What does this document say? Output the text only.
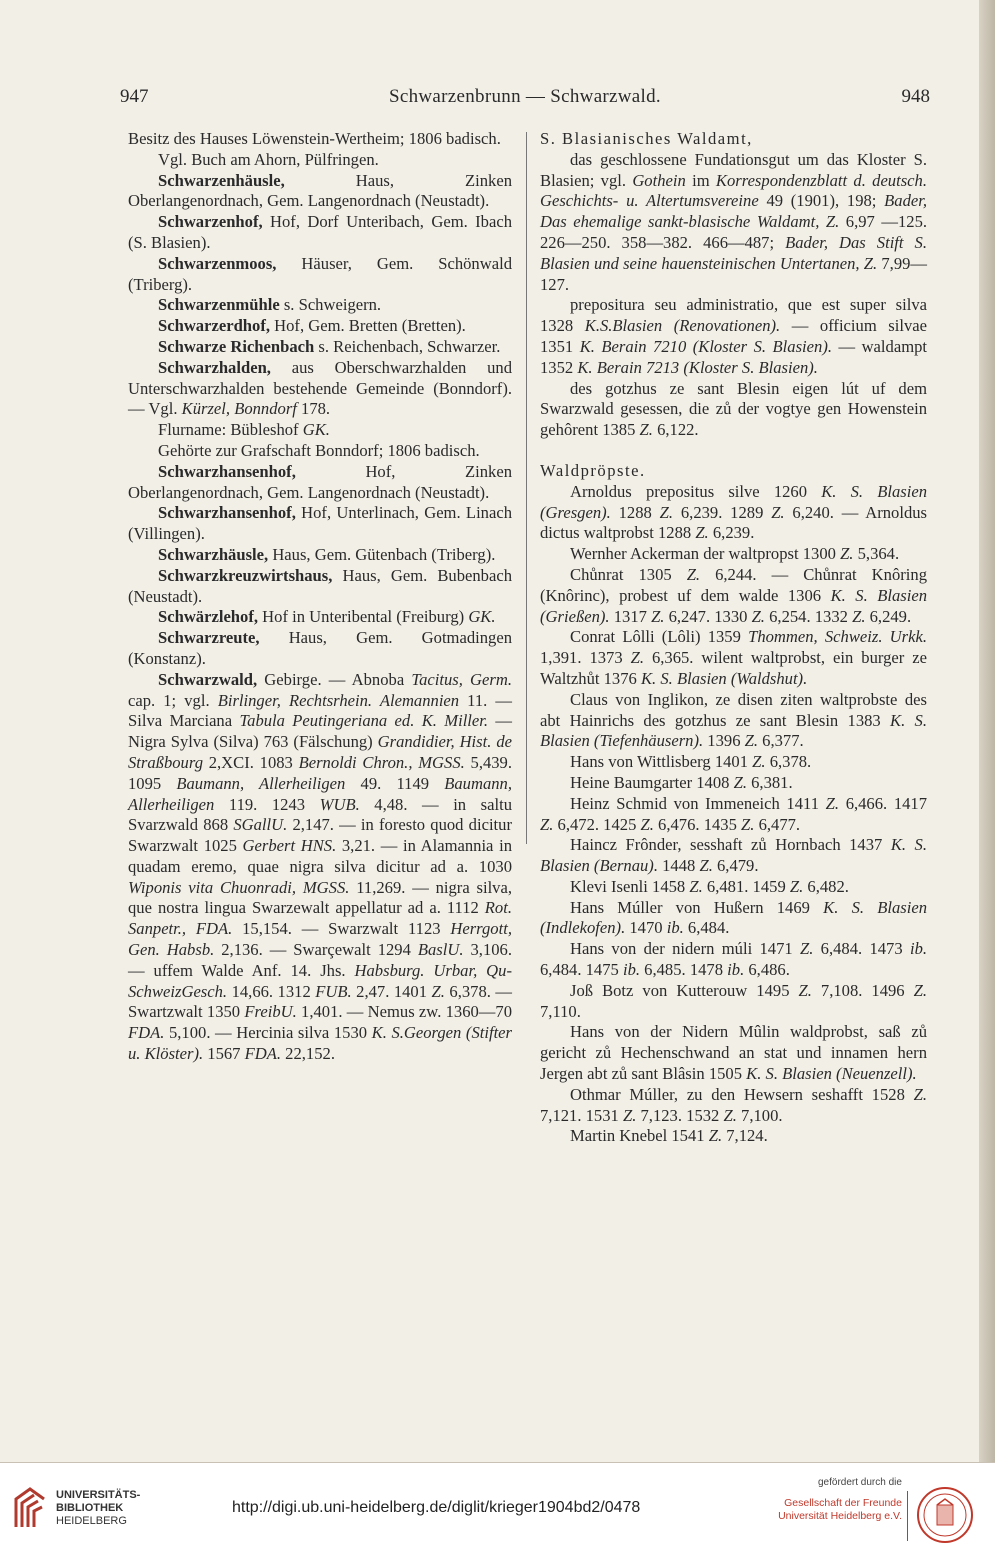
947	Schwarzenbrunn — Schwarzwald.	948

Besitz des Hauses Löwenstein-Wertheim; 1806 badisch.

Vgl. Buch am Ahorn, Pülfringen.

Schwarzenhäusle, Haus, Zinken Oberlangenordnach, Gem. Langenordnach (Neustadt).

Schwarzenhof, Hof, Dorf Unteribach, Gem. Ibach (S. Blasien).

Schwarzenmoos, Häuser, Gem. Schönwald (Triberg).

Schwarzenmühle s. Schweigern.

Schwarzerdhof, Hof, Gem. Bretten (Bretten).

Schwarze Richenbach s. Reichenbach, Schwarzer.

Schwarzhalden, aus Oberschwarzhalden und Unterschwarzhalden bestehende Gemeinde (Bonndorf). — Vgl. Kürzel, Bonndorf 178.

Flurname: Bübleshof GK.

Gehörte zur Grafschaft Bonndorf; 1806 badisch.

Schwarzhansenhof, Hof, Zinken Oberlangenordnach, Gem. Langenordnach (Neustadt).

Schwarzhansenhof, Hof, Unterlinach, Gem. Linach (Villingen).

Schwarzhäusle, Haus, Gem. Gütenbach (Triberg).

Schwarzkreuzwirtshaus, Haus, Gem. Bubenbach (Neustadt).

Schwärzlehof, Hof in Unteribental (Freiburg) GK.

Schwarzreute, Haus, Gem. Gotmadingen (Konstanz).

Schwarzwald, Gebirge. — Abnoba Tacitus, Germ. cap. 1; vgl. Birlinger, Rechtsrhein. Alemannien 11. — Silva Marciana Tabula Peutingeriana ed. K. Miller. — Nigra Sylva (Silva) 763 (Fälschung) Grandidier, Hist. de Straßbourg 2,XCI. 1083 Bernoldi Chron., MGSS. 5,439. 1095 Baumann, Allerheiligen 49. 1149 Baumann, Allerheiligen 119. 1243 WUB. 4,48. — in saltu Svarzwald 868 SGallU. 2,147. — in foresto quod dicitur Swarzwalt 1025 Gerbert HNS. 3,21. — in Alamannia in quadam eremo, quae nigra silva dicitur ad a. 1030 Wiponis vita Chuonradi, MGSS. 11,269. — nigra silva, que nostra lingua Swarzewalt appellatur ad a. 1112 Rot. Sanpetr., FDA. 15,154. — Swarzwalt 1123 Herrgott, Gen. Habsb. 2,136. — Swarçewalt 1294 BaslU. 3,106. — uffem Walde Anf. 14. Jhs. Habsburg. Urbar, Qu-SchweizGesch. 14,66. 1312 FUB. 2,47. 1401 Z. 6,378. — Swartzwalt 1350 FreibU. 1,401. — Nemus zw. 1360—70 FDA. 5,100. — Hercinia silva 1530 K. S.Georgen (Stifter u. Klöster). 1567 FDA. 22,152.

S. Blasianisches Waldamt,

das geschlossene Fundationsgut um das Kloster S. Blasien; vgl. Gothein im Korrespondenzblatt d. deutsch. Geschichts- u. Altertumsvereine 49 (1901), 198; Bader, Das ehemalige sankt-blasische Waldamt, Z. 6,97 —125. 226—250. 358—382. 466—487; Bader, Das Stift S. Blasien und seine hauensteinischen Untertanen, Z. 7,99—127.

prepositura seu administratio, que est super silva 1328 K.S.Blasien (Renovationen). — officium silvae 1351 K. Berain 7210 (Kloster S. Blasien). — waldampt 1352 K. Berain 7213 (Kloster S. Blasien).

des gotzhus ze sant Blesin eigen lút uf dem Swarzwald gesessen, die zů der vogtye gen Howenstein gehôrent 1385 Z. 6,122.

Waldpröpste.

Arnoldus prepositus silve 1260 K. S. Blasien (Gresgen). 1288 Z. 6,239. 1289 Z. 6,240. — Arnoldus dictus waltprobst 1288 Z. 6,239.

Wernher Ackerman der waltpropst 1300 Z. 5,364.

Chůnrat 1305 Z. 6,244. — Chůnrat Knôring (Knôrinc), probest uf dem walde 1306 K. S. Blasien (Grießen). 1317 Z. 6,247. 1330 Z. 6,254. 1332 Z. 6,249.

Conrat Lôlli (Lôli) 1359 Thommen, Schweiz. Urkk. 1,391. 1373 Z. 6,365. wilent waltprobst, ein burger ze Waltzhůt 1376 K. S. Blasien (Waldshut).

Claus von Inglikon, ze disen ziten waltprobste des abt Hainrichs des gotzhus ze sant Blesin 1383 K. S. Blasien (Tiefenhäusern). 1396 Z. 6,377.

Hans von Wittlisberg 1401 Z. 6,378.

Heine Baumgarter 1408 Z. 6,381.

Heinz Schmid von Immeneich 1411 Z. 6,466. 1417 Z. 6,472. 1425 Z. 6,476. 1435 Z. 6,477.

Haincz Frônder, sesshaft zů Hornbach 1437 K. S. Blasien (Bernau). 1448 Z. 6,479.

Klevi Isenli 1458 Z. 6,481. 1459 Z. 6,482.

Hans Múller von Hußern 1469 K. S. Blasien (Indlekofen). 1470 ib. 6,484.

Hans von der nidern múli 1471 Z. 6,484. 1473 ib. 6,484. 1475 ib. 6,485. 1478 ib. 6,486.

Joß Botz von Kutterouw 1495 Z. 7,108. 1496 Z. 7,110.

Hans von der Nidern Mûlin waldprobst, saß zů gericht zů Hechenschwand an stat und innamen hern Jergen abt zů sant Blâsin 1505 K. S. Blasien (Neuenzell).

Othmar Múller, zu den Hewsern seshafft 1528 Z. 7,121. 1531 Z. 7,123. 1532 Z. 7,100.

Martin Knebel 1541 Z. 7,124.

UNIVERSITÄTS-
BIBLIOTHEK
HEIDELBERG
http://digi.ub.uni-heidelberg.de/diglit/krieger1904bd2/0478
gefördert durch die
Gesellschaft der Freunde
Universität Heidelberg e.V.
